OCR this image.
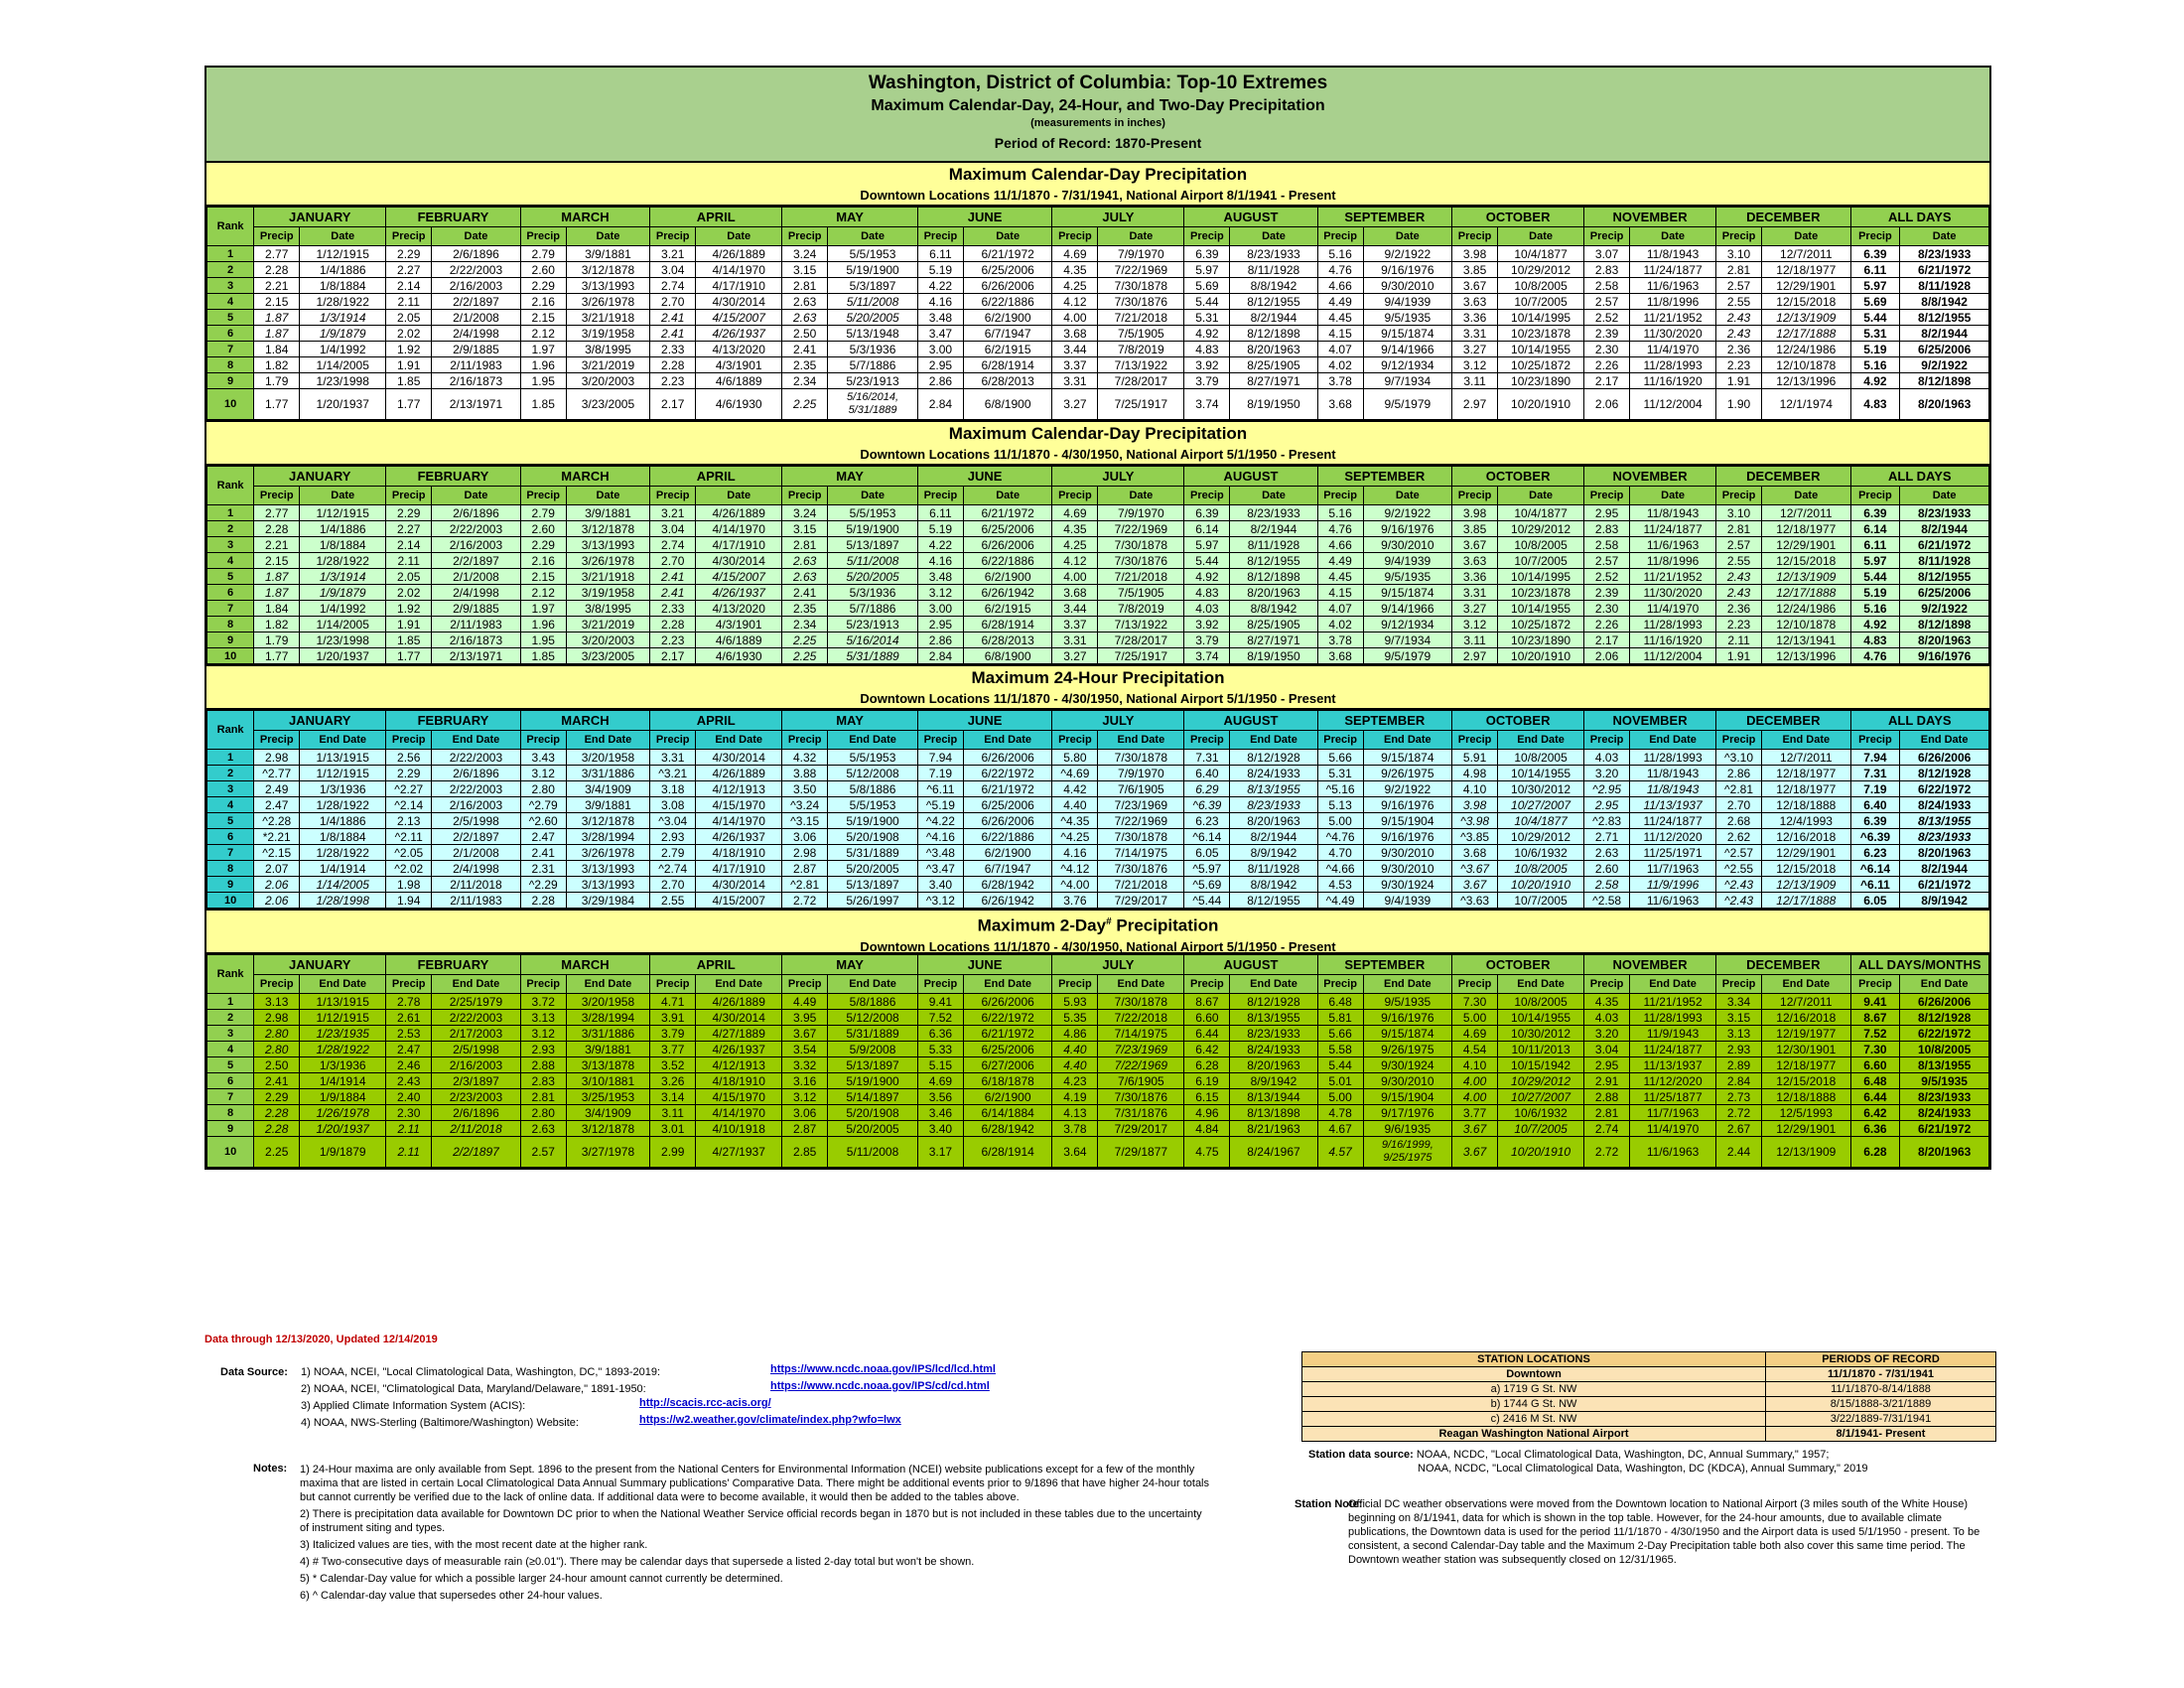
Washington, District of Columbia: Top-10 Extremes
Maximum Calendar-Day, 24-Hour, and Two-Day Precipitation
(measurements in inches)
Period of Record: 1870-Present
Maximum Calendar-Day Precipitation
Downtown Locations 11/1/1870 - 7/31/1941, National Airport 8/1/1941 - Present
Rank	JANUARY		FEBRUARY		MARCH		APRIL		MAY		JUNE		JULY		AUGUST		SEPTEMBER		OCTOBER		NOVEMBER		DECEMBER		ALL DAYS	
	Precip	Date	Precip	Date	Precip	Date	Precip	Date	Precip	Date	Precip	Date	Precip	Date	Precip	Date	Precip	Date	Precip	Date	Precip	Date	Precip	Date	Precip	Date
1	2.77	1/12/1915	2.29	2/6/1896	2.79	3/9/1881	3.21	4/26/1889	3.24	5/5/1953	6.11	6/21/1972	4.69	7/9/1970	6.39	8/23/1933	5.16	9/2/1922	3.98	10/4/1877	3.07	11/8/1943	3.10	12/7/2011	6.39	8/23/1933
2	2.28	1/4/1886	2.27	2/22/2003	2.60	3/12/1878	3.04	4/14/1970	3.15	5/19/1900	5.19	6/25/2006	4.35	7/22/1969	5.97	8/11/1928	4.76	9/16/1976	3.85	10/29/2012	2.83	11/24/1877	2.81	12/18/1977	6.11	6/21/1972
3	2.21	1/8/1884	2.14	2/16/2003	2.29	3/13/1993	2.74	4/17/1910	2.81	5/3/1897	4.22	6/26/2006	4.25	7/30/1878	5.69	8/8/1942	4.66	9/30/2010	3.67	10/8/2005	2.58	11/6/1963	2.57	12/29/1901	5.97	8/11/1928
4	2.15	1/28/1922	2.11	2/2/1897	2.16	3/26/1978	2.70	4/30/2014	2.63	5/11/2008	4.16	6/22/1886	4.12	7/30/1876	5.44	8/12/1955	4.49	9/4/1939	3.63	10/7/2005	2.57	11/8/1996	2.55	12/15/2018	5.69	8/8/1942
5	1.87	1/3/1914	2.05	2/1/2008	2.15	3/21/1918	2.41	4/15/2007	2.63	5/20/2005	3.48	6/2/1900	4.00	7/21/2018	5.31	8/2/1944	4.45	9/5/1935	3.36	10/14/1995	2.52	11/21/1952	2.43	12/13/1909	5.44	8/12/1955
6	1.87	1/9/1879	2.02	2/4/1998	2.12	3/19/1958	2.41	4/26/1937	2.50	5/13/1948	3.47	6/7/1947	3.68	7/5/1905	4.92	8/12/1898	4.15	9/15/1874	3.31	10/23/1878	2.39	11/30/2020	2.43	12/17/1888	5.31	8/2/1944
7	1.84	1/4/1992	1.92	2/9/1885	1.97	3/8/1995	2.33	4/13/2020	2.41	5/3/1936	3.00	6/2/1915	3.44	7/8/2019	4.83	8/20/1963	4.07	9/14/1966	3.27	10/14/1955	2.30	11/4/1970	2.36	12/24/1986	5.19	6/25/2006
8	1.82	1/14/2005	1.91	2/11/1983	1.96	3/21/2019	2.28	4/3/1901	2.35	5/7/1886	2.95	6/28/1914	3.37	7/13/1922	3.92	8/25/1905	4.02	9/12/1934	3.12	10/25/1872	2.26	11/28/1993	2.23	12/10/1878	5.16	9/2/1922
9	1.79	1/23/1998	1.85	2/16/1873	1.95	3/20/2003	2.23	4/6/1889	2.34	5/23/1913	2.86	6/28/2013	3.31	7/28/2017	3.79	8/27/1971	3.78	9/7/1934	3.11	10/23/1890	2.17	11/16/1920	1.91	12/13/1996	4.92	8/12/1898
10	1.77	1/20/1937	1.77	2/13/1971	1.85	3/23/2005	2.17	4/6/1930	2.25	5/16/2014,
5/31/1889	2.84	6/8/1900	3.27	7/25/1917	3.74	8/19/1950	3.68	9/5/1979	2.97	10/20/1910	2.06	11/12/2004	1.90	12/1/1974	4.83	8/20/1963
Maximum Calendar-Day Precipitation
Downtown Locations 11/1/1870 - 4/30/1950, National Airport 5/1/1950 - Present
Rank	JANUARY		FEBRUARY		MARCH		APRIL		MAY		JUNE		JULY		AUGUST		SEPTEMBER		OCTOBER		NOVEMBER		DECEMBER		ALL DAYS	
	Precip	Date	Precip	Date	Precip	Date	Precip	Date	Precip	Date	Precip	Date	Precip	Date	Precip	Date	Precip	Date	Precip	Date	Precip	Date	Precip	Date	Precip	Date
1	2.77	1/12/1915	2.29	2/6/1896	2.79	3/9/1881	3.21	4/26/1889	3.24	5/5/1953	6.11	6/21/1972	4.69	7/9/1970	6.39	8/23/1933	5.16	9/2/1922	3.98	10/4/1877	2.95	11/8/1943	3.10	12/7/2011	6.39	8/23/1933
2	2.28	1/4/1886	2.27	2/22/2003	2.60	3/12/1878	3.04	4/14/1970	3.15	5/19/1900	5.19	6/25/2006	4.35	7/22/1969	6.14	8/2/1944	4.76	9/16/1976	3.85	10/29/2012	2.83	11/24/1877	2.81	12/18/1977	6.14	8/2/1944
3	2.21	1/8/1884	2.14	2/16/2003	2.29	3/13/1993	2.74	4/17/1910	2.81	5/13/1897	4.22	6/26/2006	4.25	7/30/1878	5.97	8/11/1928	4.66	9/30/2010	3.67	10/8/2005	2.58	11/6/1963	2.57	12/29/1901	6.11	6/21/1972
4	2.15	1/28/1922	2.11	2/2/1897	2.16	3/26/1978	2.70	4/30/2014	2.63	5/11/2008	4.16	6/22/1886	4.12	7/30/1876	5.44	8/12/1955	4.49	9/4/1939	3.63	10/7/2005	2.57	11/8/1996	2.55	12/15/2018	5.97	8/11/1928
5	1.87	1/3/1914	2.05	2/1/2008	2.15	3/21/1918	2.41	4/15/2007	2.63	5/20/2005	3.48	6/2/1900	4.00	7/21/2018	4.92	8/12/1898	4.45	9/5/1935	3.36	10/14/1995	2.52	11/21/1952	2.43	12/13/1909	5.44	8/12/1955
6	1.87	1/9/1879	2.02	2/4/1998	2.12	3/19/1958	2.41	4/26/1937	2.41	5/3/1936	3.12	6/26/1942	3.68	7/5/1905	4.83	8/20/1963	4.15	9/15/1874	3.31	10/23/1878	2.39	11/30/2020	2.43	12/17/1888	5.19	6/25/2006
7	1.84	1/4/1992	1.92	2/9/1885	1.97	3/8/1995	2.33	4/13/2020	2.35	5/7/1886	3.00	6/2/1915	3.44	7/8/2019	4.03	8/8/1942	4.07	9/14/1966	3.27	10/14/1955	2.30	11/4/1970	2.36	12/24/1986	5.16	9/2/1922
8	1.82	1/14/2005	1.91	2/11/1983	1.96	3/21/2019	2.28	4/3/1901	2.34	5/23/1913	2.95	6/28/1914	3.37	7/13/1922	3.92	8/25/1905	4.02	9/12/1934	3.12	10/25/1872	2.26	11/28/1993	2.23	12/10/1878	4.92	8/12/1898
9	1.79	1/23/1998	1.85	2/16/1873	1.95	3/20/2003	2.23	4/6/1889	2.25	5/16/2014	2.86	6/28/2013	3.31	7/28/2017	3.79	8/27/1971	3.78	9/7/1934	3.11	10/23/1890	2.17	11/16/1920	2.11	12/13/1941	4.83	8/20/1963
10	1.77	1/20/1937	1.77	2/13/1971	1.85	3/23/2005	2.17	4/6/1930	2.25	5/31/1889	2.84	6/8/1900	3.27	7/25/1917	3.74	8/19/1950	3.68	9/5/1979	2.97	10/20/1910	2.06	11/12/2004	1.91	12/13/1996	4.76	9/16/1976
Maximum 24-Hour Precipitation
Downtown Locations 11/1/1870 - 4/30/1950, National Airport 5/1/1950 - Present
Rank	JANUARY		FEBRUARY		MARCH		APRIL		MAY		JUNE		JULY		AUGUST		SEPTEMBER		OCTOBER		NOVEMBER		DECEMBER		ALL DAYS	
	Precip	End Date	Precip	End Date	Precip	End Date	Precip	End Date	Precip	End Date	Precip	End Date	Precip	End Date	Precip	End Date	Precip	End Date	Precip	End Date	Precip	End Date	Precip	End Date	Precip	End Date
1	2.98	1/13/1915	2.56	2/22/2003	3.43	3/20/1958	3.31	4/30/2014	4.32	5/5/1953	7.94	6/26/2006	5.80	7/30/1878	7.31	8/12/1928	5.66	9/15/1874	5.91	10/8/2005	4.03	11/28/1993	^3.10	12/7/2011	7.94	6/26/2006
2	^2.77	1/12/1915	2.29	2/6/1896	3.12	3/31/1886	^3.21	4/26/1889	3.88	5/12/2008	7.19	6/22/1972	^4.69	7/9/1970	6.40	8/24/1933	5.31	9/26/1975	4.98	10/14/1955	3.20	11/8/1943	2.86	12/18/1977	7.31	8/12/1928
3	2.49	1/3/1936	^2.27	2/22/2003	2.80	3/4/1909	3.18	4/12/1913	3.50	5/8/1886	^6.11	6/21/1972	4.42	7/6/1905	6.29	8/13/1955	^5.16	9/2/1922	4.10	10/30/2012	^2.95	11/8/1943	^2.81	12/18/1977	7.19	6/22/1972
4	2.47	1/28/1922	^2.14	2/16/2003	^2.79	3/9/1881	3.08	4/15/1970	^3.24	5/5/1953	^5.19	6/25/2006	4.40	7/23/1969	^6.39	8/23/1933	5.13	9/16/1976	3.98	10/27/2007	2.95	11/13/1937	2.70	12/18/1888	6.40	8/24/1933
5	^2.28	1/4/1886	2.13	2/5/1998	^2.60	3/12/1878	^3.04	4/14/1970	^3.15	5/19/1900	^4.22	6/26/2006	^4.35	7/22/1969	6.23	8/20/1963	5.00	9/15/1904	^3.98	10/4/1877	^2.83	11/24/1877	2.68	12/4/1993	6.39	8/13/1955
6	*2.21	1/8/1884	^2.11	2/2/1897	2.47	3/28/1994	2.93	4/26/1937	3.06	5/20/1908	^4.16	6/22/1886	^4.25	7/30/1878	^6.14	8/2/1944	^4.76	9/16/1976	^3.85	10/29/2012	2.71	11/12/2020	2.62	12/16/2018	^6.39	8/23/1933
7	^2.15	1/28/1922	^2.05	2/1/2008	2.41	3/26/1978	2.79	4/18/1910	2.98	5/31/1889	^3.48	6/2/1900	4.16	7/14/1975	6.05	8/9/1942	4.70	9/30/2010	3.68	10/6/1932	2.63	11/25/1971	^2.57	12/29/1901	6.23	8/20/1963
8	2.07	1/4/1914	^2.02	2/4/1998	2.31	3/13/1993	^2.74	4/17/1910	2.87	5/20/2005	^3.47	6/7/1947	^4.12	7/30/1876	^5.97	8/11/1928	^4.66	9/30/2010	^3.67	10/8/2005	2.60	11/7/1963	^2.55	12/15/2018	^6.14	8/2/1944
9	2.06	1/14/2005	1.98	2/11/2018	^2.29	3/13/1993	2.70	4/30/2014	^2.81	5/13/1897	3.40	6/28/1942	^4.00	7/21/2018	^5.69	8/8/1942	4.53	9/30/1924	3.67	10/20/1910	2.58	11/9/1996	^2.43	12/13/1909	^6.11	6/21/1972
10	2.06	1/28/1998	1.94	2/11/1983	2.28	3/29/1984	2.55	4/15/2007	2.72	5/26/1997	^3.12	6/26/1942	3.76	7/29/2017	^5.44	8/12/1955	^4.49	9/4/1939	^3.63	10/7/2005	^2.58	11/6/1963	^2.43	12/17/1888	6.05	8/9/1942
Maximum 2-Day# Precipitation
Downtown Locations 11/1/1870 - 4/30/1950, National Airport 5/1/1950 - Present
Rank	JANUARY		FEBRUARY		MARCH		APRIL		MAY		JUNE		JULY		AUGUST		SEPTEMBER		OCTOBER		NOVEMBER		DECEMBER		ALL DAYS/MONTHS	
	Precip	End Date	Precip	End Date	Precip	End Date	Precip	End Date	Precip	End Date	Precip	End Date	Precip	End Date	Precip	End Date	Precip	End Date	Precip	End Date	Precip	End Date	Precip	End Date	Precip	End Date
1	3.13	1/13/1915	2.78	2/25/1979	3.72	3/20/1958	4.71	4/26/1889	4.49	5/8/1886	9.41	6/26/2006	5.93	7/30/1878	8.67	8/12/1928	6.48	9/5/1935	7.30	10/8/2005	4.35	11/21/1952	3.34	12/7/2011	9.41	6/26/2006
2	2.98	1/12/1915	2.61	2/22/2003	3.13	3/28/1994	3.91	4/30/2014	3.95	5/12/2008	7.52	6/22/1972	5.35	7/22/2018	6.60	8/13/1955	5.81	9/16/1976	5.00	10/14/1955	4.03	11/28/1993	3.15	12/16/2018	8.67	8/12/1928
3	2.80	1/23/1935	2.53	2/17/2003	3.12	3/31/1886	3.79	4/27/1889	3.67	5/31/1889	6.36	6/21/1972	4.86	7/14/1975	6.44	8/23/1933	5.66	9/15/1874	4.69	10/30/2012	3.20	11/9/1943	3.13	12/19/1977	7.52	6/22/1972
4	2.80	1/28/1922	2.47	2/5/1998	2.93	3/9/1881	3.77	4/26/1937	3.54	5/9/2008	5.33	6/25/2006	4.40	7/23/1969	6.42	8/24/1933	5.58	9/26/1975	4.54	10/11/2013	3.04	11/24/1877	2.93	12/30/1901	7.30	10/8/2005
5	2.50	1/3/1936	2.46	2/16/2003	2.88	3/13/1878	3.52	4/12/1913	3.32	5/13/1897	5.15	6/27/2006	4.40	7/22/1969	6.28	8/20/1963	5.44	9/30/1924	4.10	10/15/1942	2.95	11/13/1937	2.89	12/18/1977	6.60	8/13/1955
6	2.41	1/4/1914	2.43	2/3/1897	2.83	3/10/1881	3.26	4/18/1910	3.16	5/19/1900	4.69	6/18/1878	4.23	7/6/1905	6.19	8/9/1942	5.01	9/30/2010	4.00	10/29/2012	2.91	11/12/2020	2.84	12/15/2018	6.48	9/5/1935
7	2.29	1/9/1884	2.40	2/23/2003	2.81	3/25/1953	3.14	4/15/1970	3.12	5/14/1897	3.56	6/2/1900	4.19	7/30/1876	6.15	8/13/1944	5.00	9/15/1904	4.00	10/27/2007	2.88	11/25/1877	2.73	12/18/1888	6.44	8/23/1933
8	2.28	1/26/1978	2.30	2/6/1896	2.80	3/4/1909	3.11	4/14/1970	3.06	5/20/1908	3.46	6/14/1884	4.13	7/31/1876	4.96	8/13/1898	4.78	9/17/1976	3.77	10/6/1932	2.81	11/7/1963	2.72	12/5/1993	6.42	8/24/1933
9	2.28	1/20/1937	2.11	2/11/2018	2.63	3/12/1878	3.01	4/10/1918	2.87	5/20/2005	3.40	6/28/1942	3.78	7/29/2017	4.84	8/21/1963	4.67	9/6/1935	3.67	10/7/2005	2.74	11/4/1970	2.67	12/29/1901	6.36	6/21/1972
10	2.25	1/9/1879	2.11	2/2/1897	2.57	3/27/1978	2.99	4/27/1937	2.85	5/11/2008	3.17	6/28/1914	3.64	7/29/1877	4.75	8/24/1967	4.57	9/16/1999,
9/25/1975	3.67	10/20/1910	2.72	11/6/1963	2.44	12/13/1909	6.28	8/20/1963
Data through 12/13/2020, Updated 12/14/2019
Data Source: 1) NOAA, NCEI, "Local Climatological Data, Washington, DC," 1893-2019:	https://www.ncdc.noaa.gov/IPS/lcd/lcd.html
2) NOAA, NCEI, "Climatological Data, Maryland/Delaware," 1891-1950:	https://www.ncdc.noaa.gov/IPS/cd/cd.html
3) Applied Climate Information System (ACIS):	http://scacis.rcc-acis.org/
4) NOAA, NWS-Sterling (Baltimore/Washington) Website:	https://w2.weather.gov/climate/index.php?wfo=lwx
Notes: 1) 24-Hour maxima are only available from Sept. 1896 to the present from the National Centers for Environmental Information (NCEI) website publications except for a few of the monthly maxima that are listed in certain Local Climatological Data Annual Summary publications' Comparative Data. There might be additional events prior to 9/1896 that have higher 24-hour totals but cannot currently be verified due to the lack of online data. If additional data were to become available, it would then be added to the tables above.

2) There is precipitation data available for Downtown DC prior to when the National Weather Service official records began in 1870 but is not included in these tables due to the uncertainty of instrument siting and types.

3) Italicized values are ties, with the most recent date at the higher rank.

4) # Two-consecutive days of measurable rain (≥0.01"). There may be calendar days that supersede a listed 2-day total but won't be shown.

5) * Calendar-Day value for which a possible larger 24-hour amount cannot currently be determined.

6) ^ Calendar-day value that supersedes other 24-hour values.

STATION LOCATIONS	PERIODS OF RECORD
Downtown	11/1/1870 - 7/31/1941
a) 1719 G St. NW	11/1/1870-8/14/1888
b) 1744 G St. NW	8/15/1888-3/21/1889
c) 2416 M St. NW	3/22/1889-7/31/1941
Reagan Washington National Airport	8/1/1941- Present
Station data source: NOAA, NCDC, "Local Climatological Data, Washington, DC, Annual Summary," 1957;
NOAA, NCDC, "Local Climatological Data, Washington, DC (KDCA), Annual Summary," 2019
Station Note:
Official DC weather observations were moved from the Downtown location to National Airport (3 miles south of the White House) beginning on 8/1/1941, data for which is shown in the top table. However, for the 24-hour amounts, due to available climate publications, the Downtown data is used for the period 11/1/1870 - 4/30/1950 and the Airport data is used 5/1/1950 - present. To be consistent, a second Calendar-Day table and the Maximum 2-Day Precipitation table both also cover this same time period. The Downtown weather station was subsequently closed on 12/31/1965.
